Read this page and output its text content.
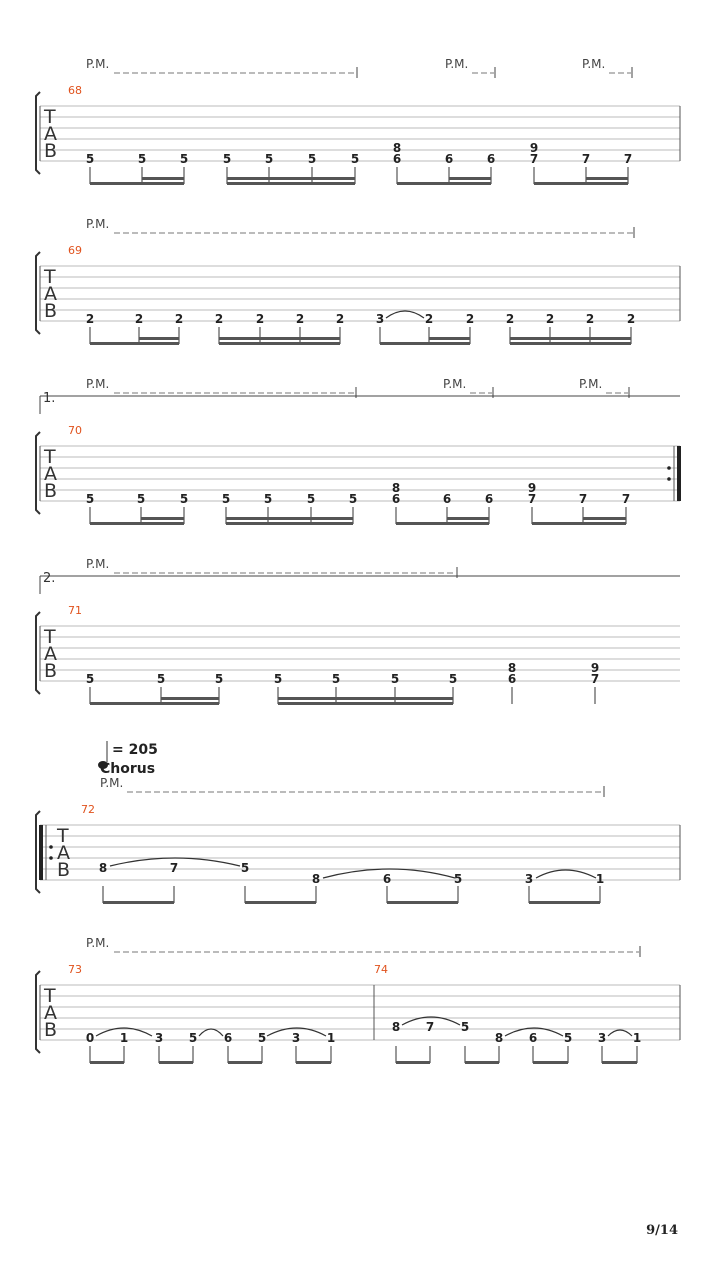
P.M.	P.M.	P.M.
68
T
A
B 5	5	5	5	5	5	5
8
6	6	6
9
7	7	7
P.M.
69
T
A
B 2	2	2	2	2	2	2	3	2	2	2	2	2	2
1.
P.M.	P.M.	P.M.
70
T
A
B 5	5	5	5	5	5	5
8
6	6	6
9
7	7	7
2.
P.M.
71
T
A
B 5	5	5	5	5	5	5
8
6
9
7
= 205
Chorus
P.M.
72
T
A
B 8	7	5
8	6	5	3	1
P.M.
73	74
T
A
B 0 1 3 5 6 5 3 1
8 7 5
8 6 5 3 1
9/14
